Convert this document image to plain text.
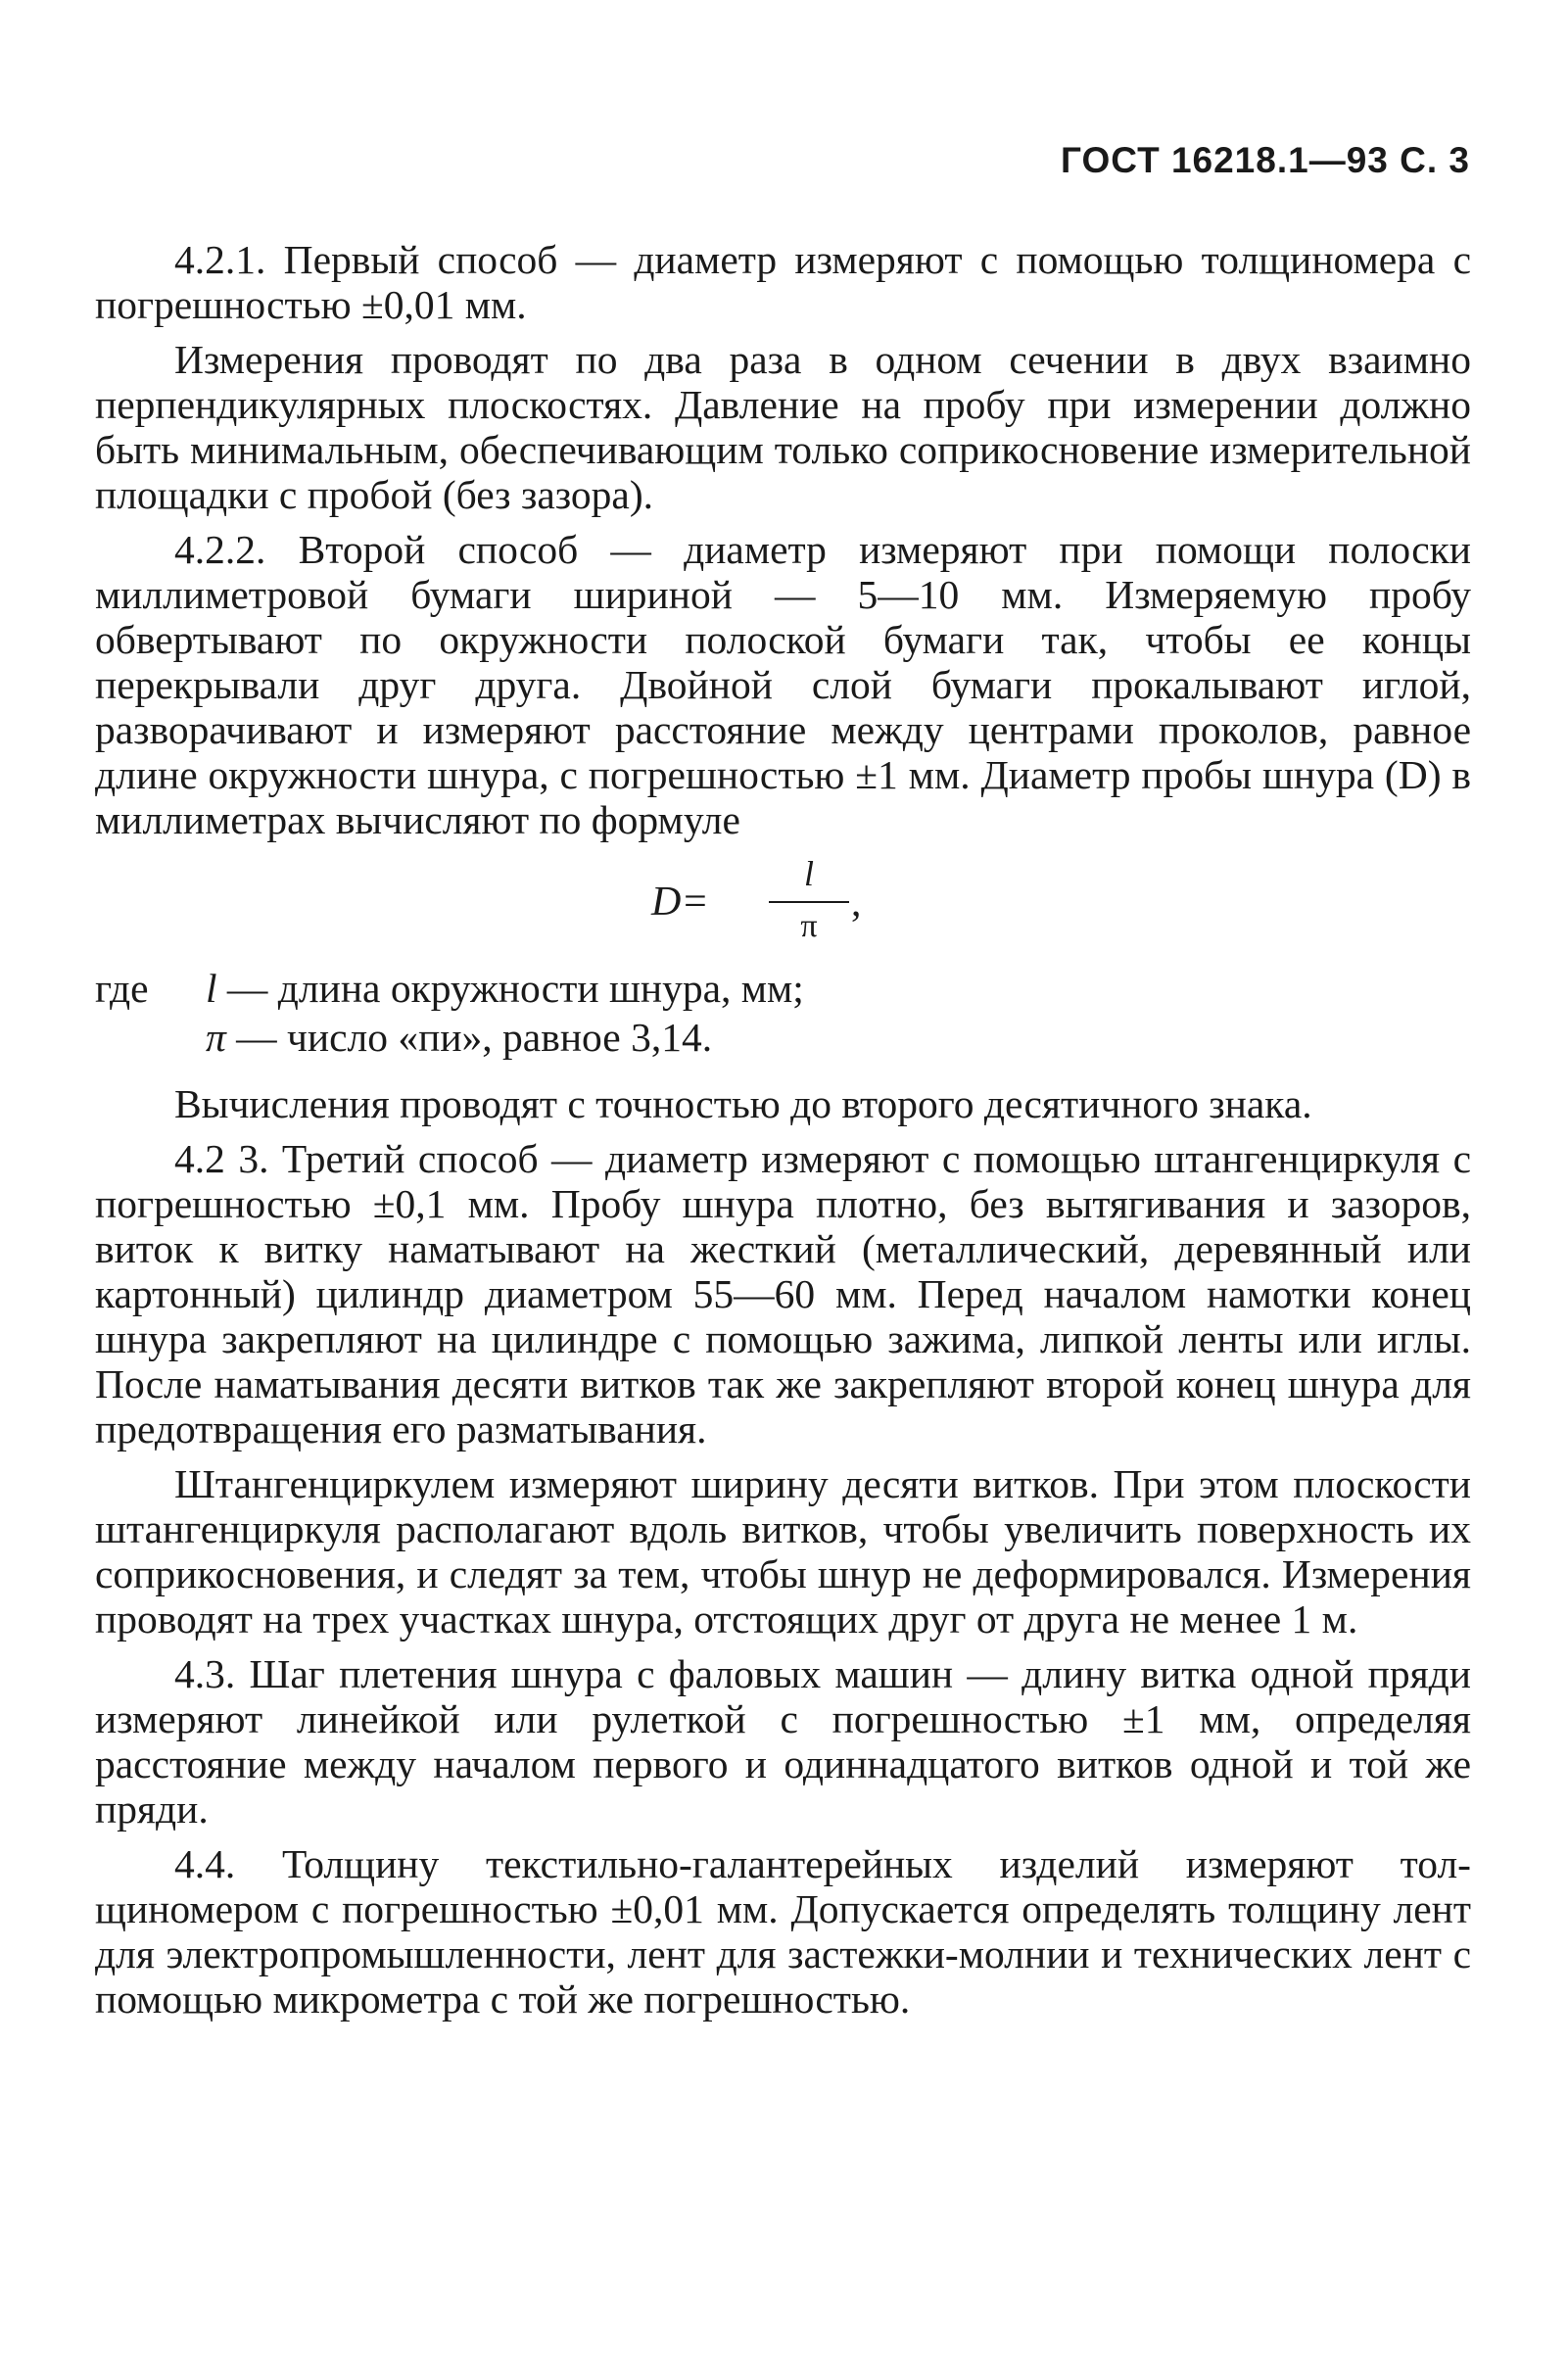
ГОСТ 16218.1—93 С. 3

4.2.1. Первый способ — диаметр измеряют с помощью толщиномера с погрешностью ±0,01 мм.

Измерения проводят по два раза в одном сечении в двух взаимно перпендикулярных плоскостях. Давление на пробу при измерении должно быть минимальным, обеспечивающим только соприкосновение измерительной площадки с пробой (без зазора).

4.2.2. Второй способ — диаметр измеряют при помощи полоски миллиметровой бумаги шириной — 5—10 мм. Измеряемую пробу обвертывают по окружности полоской бумаги так, чтобы ее концы перекрывали друг друга. Двойной слой бумаги прокалывают иглой, разворачивают и измеряют расстояние между центрами проколов, равное длине окружности шнура, с погрешностью ±1 мм. Диаметр пробы шнура (D) в миллиметрах вычисляют по формуле

D=
l
π
,
где l — длина окружности шнура, мм;
π — число «пи», равное 3,14.

Вычисления проводят с точностью до второго десятичного знака.

4.2 3. Третий способ — диаметр измеряют с помощью штангенциркуля с погрешностью ±0,1 мм. Пробу шнура плотно, без вытягивания и зазоров, виток к витку наматывают на жесткий (металлический, деревянный или картонный) цилиндр диаметром 55—60 мм. Перед началом намотки конец шнура закрепляют на цилиндре с помощью зажима, липкой ленты или иглы. После наматывания десяти витков так же закрепляют второй конец шнура для предотвращения его разматывания.

Штангенциркулем измеряют ширину десяти витков. При этом плоскости штангенциркуля располагают вдоль витков, чтобы увеличить поверхность их соприкосновения, и следят за тем, чтобы шнур не деформировался. Измерения проводят на трех участках шнура, отстоящих друг от друга не менее 1 м.

4.3. Шаг плетения шнура с фаловых машин — длину витка одной пряди измеряют линейкой или рулеткой с погрешностью ±1 мм, определяя расстояние между началом первого и одиннадцатого витков одной и той же пряди.

4.4. Толщину текстильно-галантерейных изделий измеряют толщиномером с погрешностью ±0,01 мм. Допускается определять толщину лент для электропромышленности, лент для застежки-молнии и технических лент с помощью микрометра с той же погрешностью.
